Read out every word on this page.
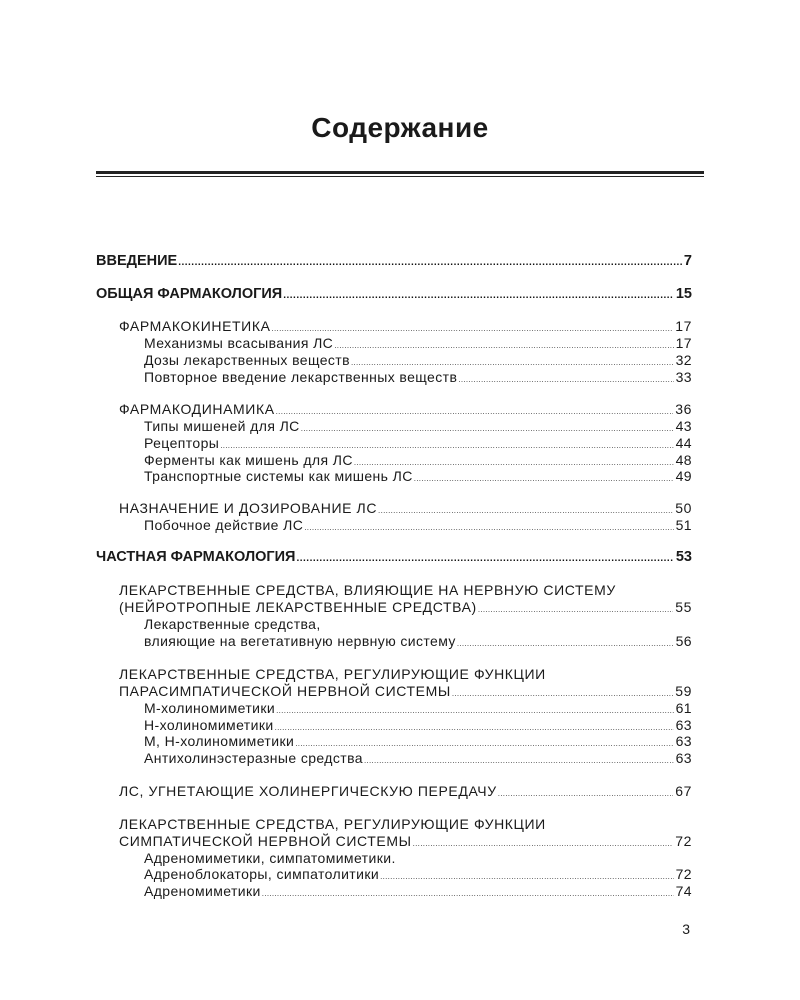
Содержание
ВВЕДЕНИЕ .....	7
ОБЩАЯ ФАРМАКОЛОГИЯ .....	15
ФАРМАКОКИНЕТИКА .....	17
Механизмы всасывания ЛС .....	17
Дозы лекарственных веществ .....	32
Повторное введение лекарственных веществ .....	33
ФАРМАКОДИНАМИКА .....	36
Типы мишеней для ЛС .....	43
Рецепторы .....	44
Ферменты как мишень для ЛС .....	48
Транспортные системы как мишень ЛС .....	49
НАЗНАЧЕНИЕ И ДОЗИРОВАНИЕ ЛС .....	50
Побочное действие ЛС .....	51
ЧАСТНАЯ ФАРМАКОЛОГИЯ .....	53
ЛЕКАРСТВЕННЫЕ СРЕДСТВА, ВЛИЯЮЩИЕ НА НЕРВНУЮ СИСТЕМУ
(НЕЙРОТРОПНЫЕ ЛЕКАРСТВЕННЫЕ СРЕДСТВА) .....	55
Лекарственные средства,
влияющие на вегетативную нервную систему .....	56
ЛЕКАРСТВЕННЫЕ СРЕДСТВА, РЕГУЛИРУЮЩИЕ ФУНКЦИИ
ПАРАСИМПАТИЧЕСКОЙ НЕРВНОЙ СИСТЕМЫ .....	59
М-холиномиметики .....	61
Н-холиномиметики .....	63
М, Н-холиномиметики .....	63
Антихолинэстеразные средства .....	63
ЛС, УГНЕТАЮЩИЕ ХОЛИНЕРГИЧЕСКУЮ ПЕРЕДАЧУ .....	67
ЛЕКАРСТВЕННЫЕ СРЕДСТВА, РЕГУЛИРУЮЩИЕ ФУНКЦИИ
СИМПАТИЧЕСКОЙ НЕРВНОЙ СИСТЕМЫ .....	72
Адреномиметики, симпатомиметики.
Адреноблокаторы, симпатолитики .....	72
Адреномиметики .....	74
3
